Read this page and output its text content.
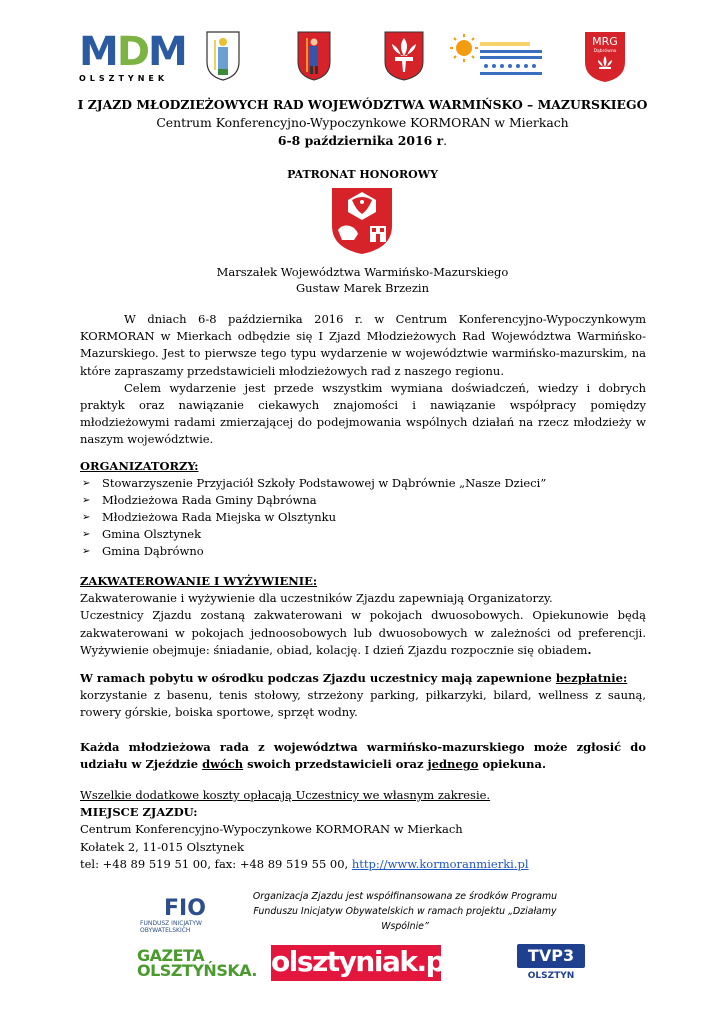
MDM
OLSZTYNEK
MRG
Dąbrówno
I ZJAZD MŁODZIEŻOWYCH RAD WOJEWÓDZTWA WARMIŃSKO – MAZURSKIEGO
Centrum Konferencyjno-Wypoczynkowe KORMORAN w Mierkach
6-8 października 2016 r.
PATRONAT HONOROWY
Marszałek Województwa Warmińsko-Mazurskiego
Gustaw Marek Brzezin

W dniach 6-8 października 2016 r. w Centrum Konferencyjno-Wypoczynkowym KORMORAN w Mierkach odbędzie się I Zjazd Młodzieżowych Rad Województwa Warmińsko-Mazurskiego. Jest to pierwsze tego typu wydarzenie w województwie warmińsko-mazurskim, na które zapraszamy przedstawicieli młodzieżowych rad z naszego regionu.

Celem wydarzenie jest przede wszystkim wymiana doświadczeń, wiedzy i dobrych praktyk oraz nawiązanie ciekawych znajomości i nawiązanie współpracy pomiędzy młodzieżowymi radami zmierzającej do podejmowania wspólnych działań na rzecz młodzieży w naszym województwie.

ORGANIZATORZY:
➢ Stowarzyszenie Przyjaciół Szkoły Podstawowej w Dąbrównie „Nasze Dzieci”
➢ Młodzieżowa Rada Gminy Dąbrówna
➢ Młodzieżowa Rada Miejska w Olsztynku
➢ Gmina Olsztynek
➢ Gmina Dąbrówno
ZAKWATEROWANIE I WYŻYWIENIE:
Zakwaterowanie i wyżywienie dla uczestników Zjazdu zapewniają Organizatorzy.
Uczestnicy Zjazdu zostaną zakwaterowani w pokojach dwuosobowych. Opiekunowie będą zakwaterowani w pokojach jednoosobowych lub dwuosobowych w zależności od preferencji. Wyżywienie obejmuje: śniadanie, obiad, kolację. I dzień Zjazdu rozpocznie się obiadem.
W ramach pobytu w ośrodku podczas Zjazdu uczestnicy mają zapewnione bezpłatnie:
korzystanie z basenu, tenis stołowy, strzeżony parking, piłkarzyki, bilard, wellness z sauną, rowery górskie, boiska sportowe, sprzęt wodny.
Każda młodzieżowa rada z województwa warmińsko-mazurskiego może zgłosić do udziału w Zjeździe dwóch swoich przedstawicieli oraz jednego opiekuna.
Wszelkie dodatkowe koszty opłacają Uczestnicy we własnym zakresie.
MIEJSCE ZJAZDU:
Centrum Konferencyjno-Wypoczynkowe KORMORAN w Mierkach
Kołatek 2, 11-015 Olsztynek
tel: +48 89 519 51 00, fax: +48 89 519 55 00, http://www.kormoranmierki.pl
FIO
FUNDUSZ INICJATYW OBYWATELSKICH
Organizacja Zjazdu jest współfinansowana ze środków Programu Funduszu Inicjatyw Obywatelskich w ramach projektu „Działamy Wspólnie”
GAZETA OLSZTYŃSKA. olsztyniak.pl	TVP3
OLSZTYN
